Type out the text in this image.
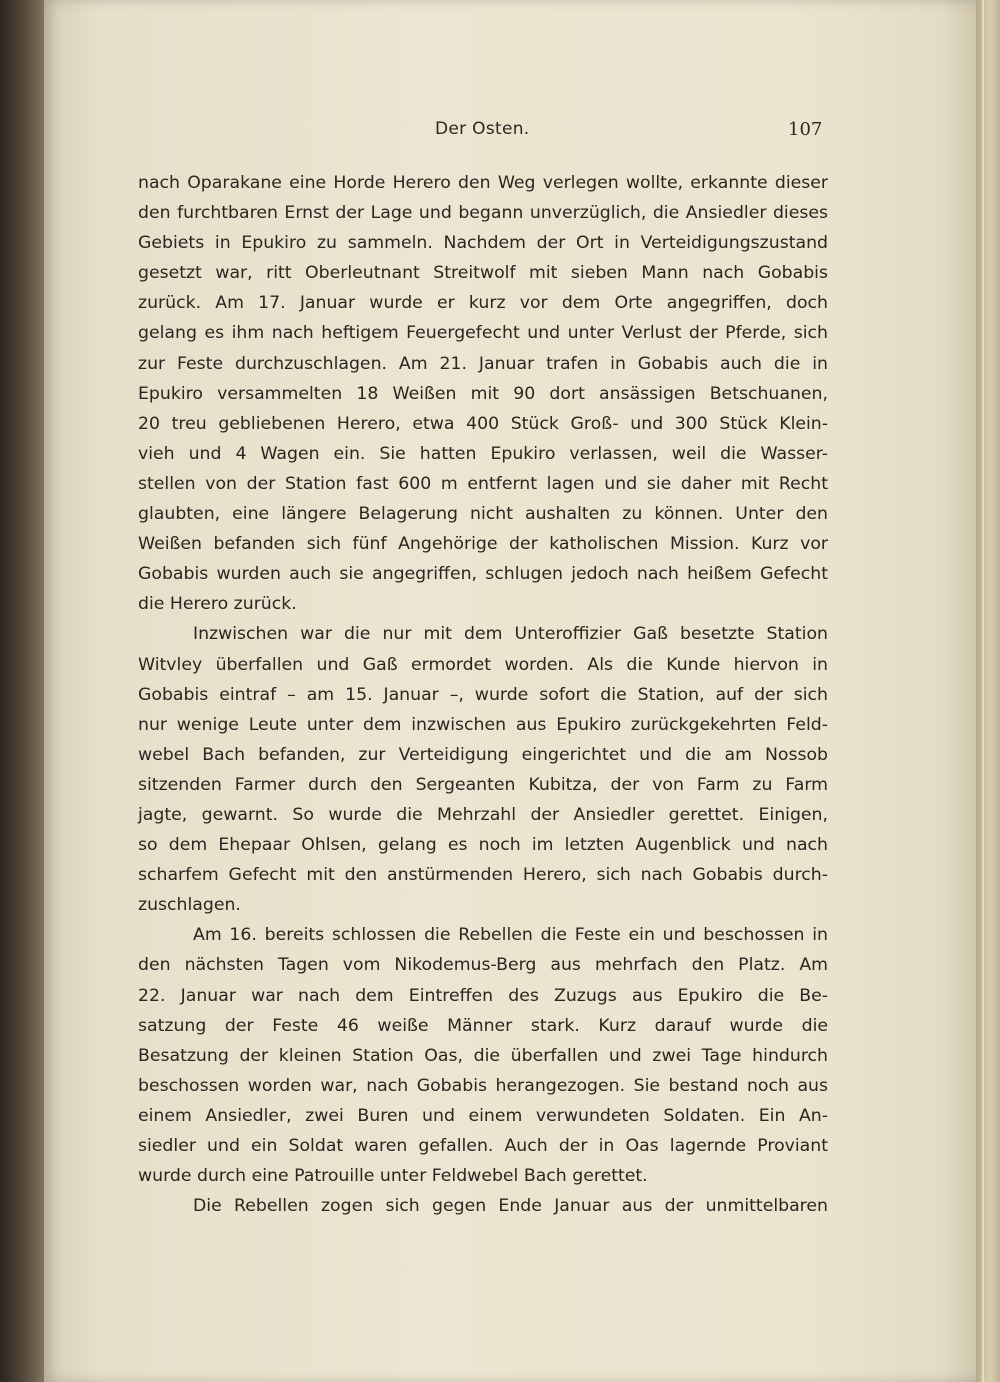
Der Osten.	107
nach Oparakane eine Horde Herero den Weg verlegen wollte, erkannte dieser
den furchtbaren Ernst der Lage und begann unverzüglich, die Ansiedler dieses
Gebiets in Epukiro zu sammeln. Nachdem der Ort in Verteidigungszustand
gesetzt war, ritt Oberleutnant Streitwolf mit sieben Mann nach Gobabis
zurück. Am 17. Januar wurde er kurz vor dem Orte angegriffen, doch
gelang es ihm nach heftigem Feuergefecht und unter Verlust der Pferde, sich
zur Feste durchzuschlagen. Am 21. Januar trafen in Gobabis auch die in
Epukiro versammelten 18 Weißen mit 90 dort ansässigen Betschuanen,
20 treu gebliebenen Herero, etwa 400 Stück Groß- und 300 Stück Klein-
vieh und 4 Wagen ein. Sie hatten Epukiro verlassen, weil die Wasser-
stellen von der Station fast 600 m entfernt lagen und sie daher mit Recht
glaubten, eine längere Belagerung nicht aushalten zu können. Unter den
Weißen befanden sich fünf Angehörige der katholischen Mission. Kurz vor
Gobabis wurden auch sie angegriffen, schlugen jedoch nach heißem Gefecht
die Herero zurück.
Inzwischen war die nur mit dem Unteroffizier Gaß besetzte Station
Witvley überfallen und Gaß ermordet worden. Als die Kunde hiervon in
Gobabis eintraf – am 15. Januar –, wurde sofort die Station, auf der sich
nur wenige Leute unter dem inzwischen aus Epukiro zurückgekehrten Feld-
webel Bach befanden, zur Verteidigung eingerichtet und die am Nossob
sitzenden Farmer durch den Sergeanten Kubitza, der von Farm zu Farm
jagte, gewarnt. So wurde die Mehrzahl der Ansiedler gerettet. Einigen,
so dem Ehepaar Ohlsen, gelang es noch im letzten Augenblick und nach
scharfem Gefecht mit den anstürmenden Herero, sich nach Gobabis durch-
zuschlagen.
Am 16. bereits schlossen die Rebellen die Feste ein und beschossen in
den nächsten Tagen vom Nikodemus-Berg aus mehrfach den Platz. Am
22. Januar war nach dem Eintreffen des Zuzugs aus Epukiro die Be-
satzung der Feste 46 weiße Männer stark. Kurz darauf wurde die
Besatzung der kleinen Station Oas, die überfallen und zwei Tage hindurch
beschossen worden war, nach Gobabis herangezogen. Sie bestand noch aus
einem Ansiedler, zwei Buren und einem verwundeten Soldaten. Ein An-
siedler und ein Soldat waren gefallen. Auch der in Oas lagernde Proviant
wurde durch eine Patrouille unter Feldwebel Bach gerettet.
Die Rebellen zogen sich gegen Ende Januar aus der unmittelbaren
